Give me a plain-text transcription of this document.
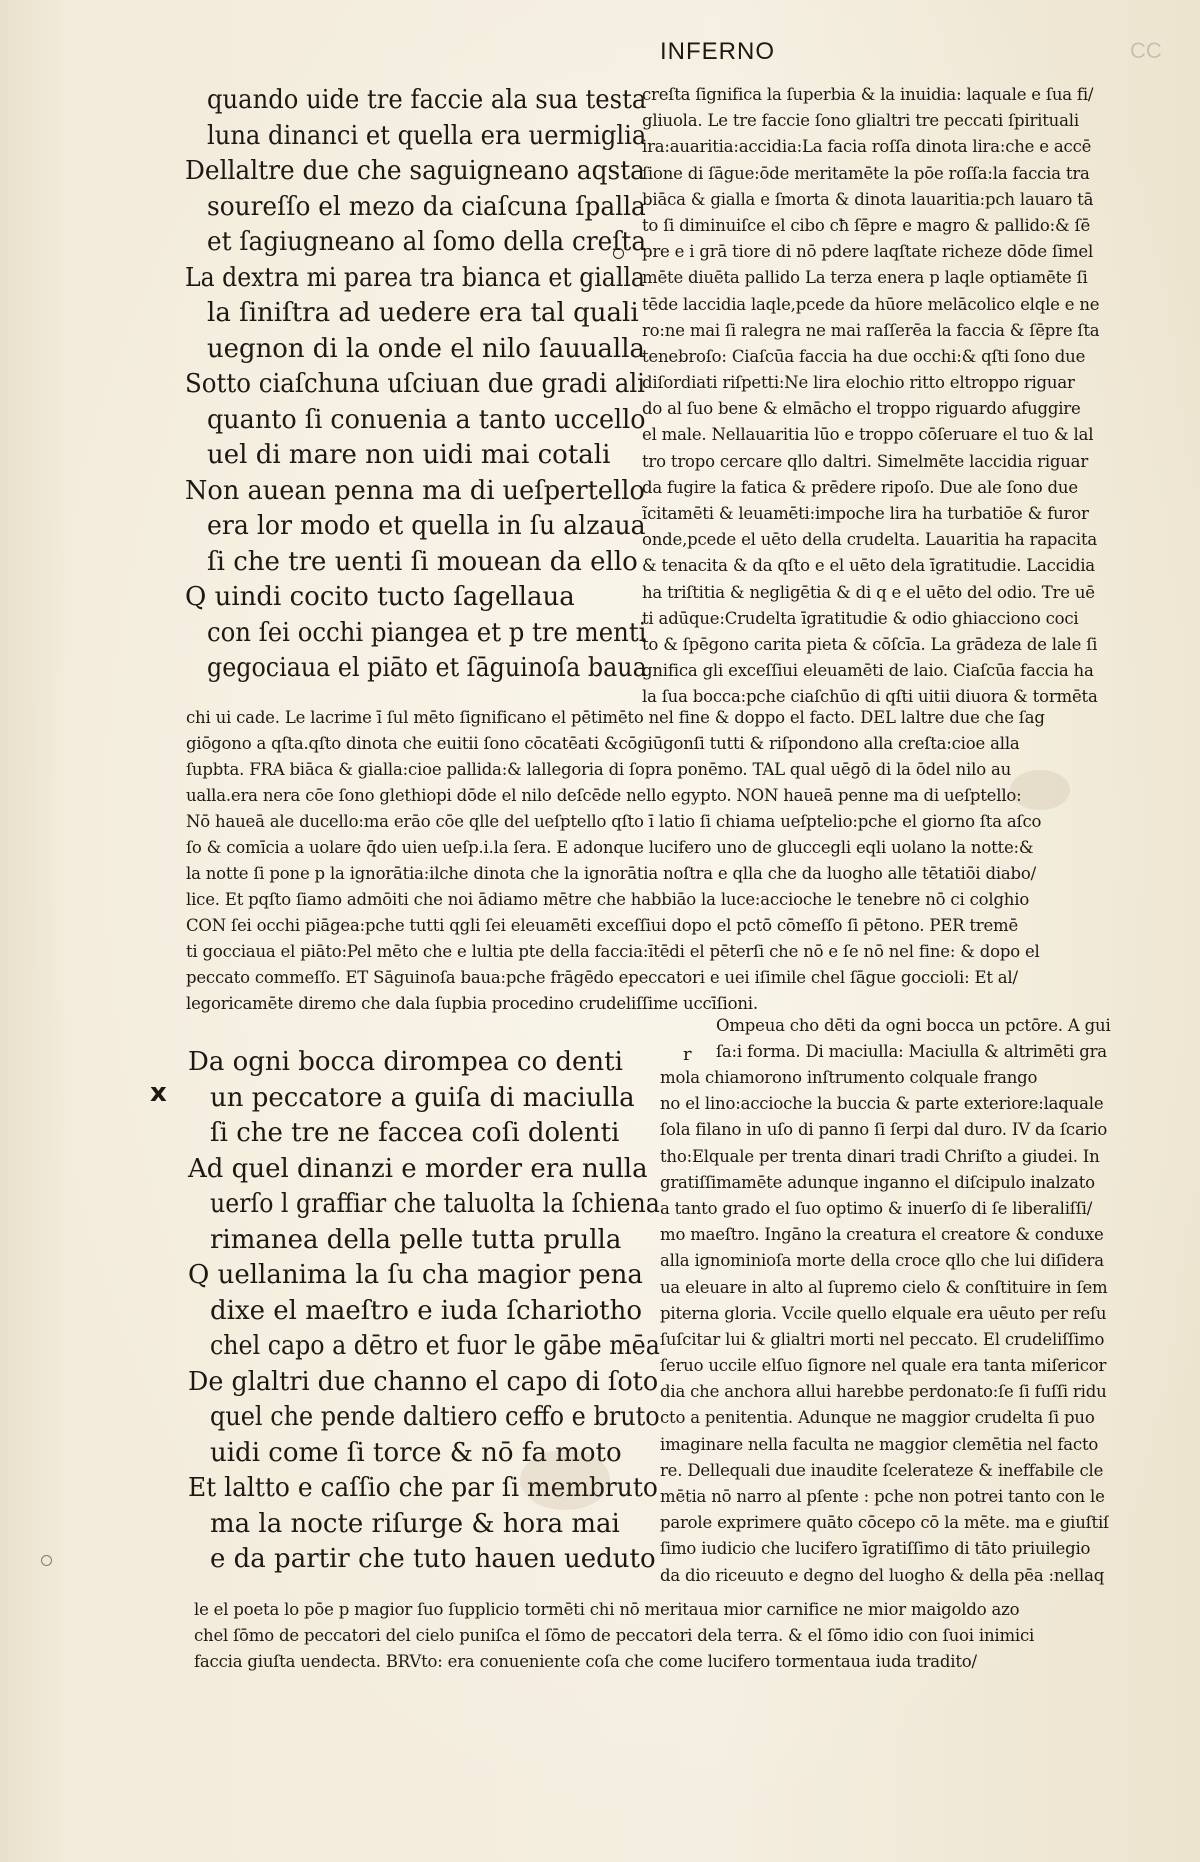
INFERNO	CC
quando uide tre faccie ala sua testa
luna dinanci et quella era uermiglia
Dellaltre due che saguigneano aqsta
soureſſo el mezo da ciaſcuna ſpalla
et ſagiugneano al ſomo della creſta
La dextra mi parea tra bianca et gialla
la ſiniſtra ad uedere era tal quali
uegnon di la onde el nilo ſauualla
Sotto ciaſchuna uſciuan due gradi ali
quanto ſi conuenia a tanto uccello
uel di mare non uidi mai cotali
Non auean penna ma di ueſpertello
era lor modo et quella in ſu alzaua
ſi che tre uenti ſi mouean da ello
Q uindi cocito tucto ſagellaua
con ſei occhi piangea et p tre menti
gegociaua el piāto et ſāguinoſa baua
creſta ſignifica la ſuperbia & la inuidia: laquale e ſua fi/
gliuola. Le tre faccie ſono glialtri tre peccati ſpirituali
ira:auaritia:accidia:La facia roſſa dinota lira:che e accē
ſione di ſāgue:ōde meritamēte la pōe roſſa:la faccia tra
biāca & gialla e ſmorta & dinota lauaritia:pch lauaro tā
to ſi diminuiſce el cibo cħ ſēpre e magro & pallido:& ſē
pre e i grā tiore di nō pdere laqſtate richeze dōde ſimel
mēte diuēta pallido La terza enera p laqle optiamēte ſi
tēde laccidia laqle,pcede da hūore melācolico elqle e ne
ro:ne mai ſi ralegra ne mai raſſerēa la faccia & ſēpre ſta
tenebroſo: Ciaſcūa faccia ha due occhi:& qſti ſono due
diſordiati riſpetti:Ne lira elochio ritto eltroppo riguar
do al ſuo bene & elmācho el troppo riguardo afuggire
el male. Nellauaritia lūo e troppo cōſeruare el tuo & lal
tro tropo cercare qllo daltri. Simelmēte laccidia riguar
da fugire la fatica & prēdere ripoſo. Due ale ſono due
ĩcitamēti & leuamēti:impoche lira ha turbatiōe & furor
onde,pcede el uēto della crudelta. Lauaritia ha rapacita
& tenacita & da qſto e el uēto dela īgratitudie. Laccidia
ha triſtitia & negligētia & di q e el uēto del odio. Tre uē
ti adūque:Crudelta īgratitudie & odio ghiacciono coci
to & ſpēgono carita pieta & cōſcīa. La grādeza de lale ſi
gnifica gli exceſſiui eleuamēti de laio. Ciaſcūa faccia ha
la ſua bocca:pche ciaſchūo di qſti uitii diuora & tormēta
chi ui cade. Le lacrime ī ſul mēto ſignificano el pētimēto nel fine & doppo el facto. DEL laltre due che ſag
giōgono a qſta.qſto dinota che euitii ſono cōcatēati &cōgiūgonſi tutti & riſpondono alla creſta:cioe alla
ſupbta. FRA biāca & gialla:cioe pallida:& lallegoria di ſopra ponēmo. TAL qual uēgō di la ōdel nilo au
ualla.era nera cōe ſono glethiopi dōde el nilo deſcēde nello egypto. NON haueā penne ma di ueſptello:
Nō haueā ale ducello:ma erāo cōe qlle del ueſptello qſto ī latio ſi chiama ueſptelio:pche el giorno ſta aſco
ſo & comīcia a uolare q̄do uien ueſp.i.la ſera. E adonque lucifero uno de gluccegli eqli uolano la notte:&
la notte ſi pone p la ignorātia:ilche dinota che la ignorātia noſtra e qlla che da luogho alle tētatiōi diabo/
lice. Et pqſto ſiamo admōiti che noi ādiamo mētre che habbiāo la luce:accioche le tenebre nō ci colghio
CON ſei occhi piāgea:pche tutti qgli ſei eleuamēti exceſſiui dopo el pctō cōmeſſo ſi pētono. PER tremē
ti gocciaua el piāto:Pel mēto che e lultia pte della faccia:ītēdi el pēterſi che nō e ſe nō nel fine: & dopo el
peccato commeſſo. ET Sāguinoſa baua:pche frāgēdo epeccatori e uei iſimile chel ſāgue goccioli: Et al/
legoricamēte diremo che dala ſupbia procedino crudeliſſime uccīſioni.
Da ogni bocca dirompea co denti
un peccatore a guiſa di maciulla
ſi che tre ne faccea coſi dolenti
Ad quel dinanzi e morder era nulla
uerſo l graffiar che taluolta la ſchiena
rimanea della pelle tutta prulla
Q uellanima la ſu cha magior pena
dixe el maeſtro e iuda ſchariotho
chel capo a dētro et fuor le gābe mēa
De glaltri due channo el capo di ſoto
quel che pende daltiero ceffo e bruto
uidi come ſi torce & nō fa moto
Et laltto e caſſio che par ſi membruto
ma la nocte riſurge & hora mai
e da partir che tuto hauen ueduto
Ompeua cho dēti da ogni bocca un pctōre. A gui
ſa:i forma. Di maciulla: Maciulla & altrimēti gra
r
mola chiamorono inſtrumento colquale frango
no el lino:accioche la buccia & parte exteriore:laquale
ſola filano in uſo di panno ſi ſerpi dal duro. IV da ſcario
tho:Elquale per trenta dinari tradi Chriſto a giudei. In
gratiſſimamēte adunque inganno el diſcipulo inalzato
a tanto grado el ſuo optimo & inuerſo di ſe liberaliſſi/
mo maeſtro. Ingāno la creatura el creatore & conduxe
alla ignominioſa morte della croce qllo che lui diſidera
ua eleuare in alto al ſupremo cielo & conſtituire in ſem
piterna gloria. Vccile quello elquale era uēuto per reſu
ſuſcitar lui & glialtri morti nel peccato. El crudeliſſimo
ſeruo uccile elſuo ſignore nel quale era tanta miſericor
dia che anchora allui harebbe perdonato:ſe ſi fuſſi ridu
cto a penitentia. Adunque ne maggior crudelta ſi puo
imaginare nella faculta ne maggior clemētia nel facto
re. Dellequali due inaudite ſcelerateze & ineffabile cle
mētia nō narro al pſente : pche non potrei tanto con le
parole exprimere quāto cōcepo cō la mēte. ma e giuſtiſ
ſimo iudicio che lucifero īgratiſſimo di tāto priuilegio
da dio riceuuto e degno del luogho & della pēa :nellaq
le el poeta lo pōe p magior ſuo ſupplicio tormēti chi nō meritaua mior carnifice ne mior maigoldo azo
chel ſōmo de peccatori del cielo puniſca el ſōmo de peccatori dela terra. & el ſōmo idio con ſuoi inimici
faccia giuſta uendecta. BRVto: era conueniente coſa che come lucifero tormentaua iuda tradito/
x
